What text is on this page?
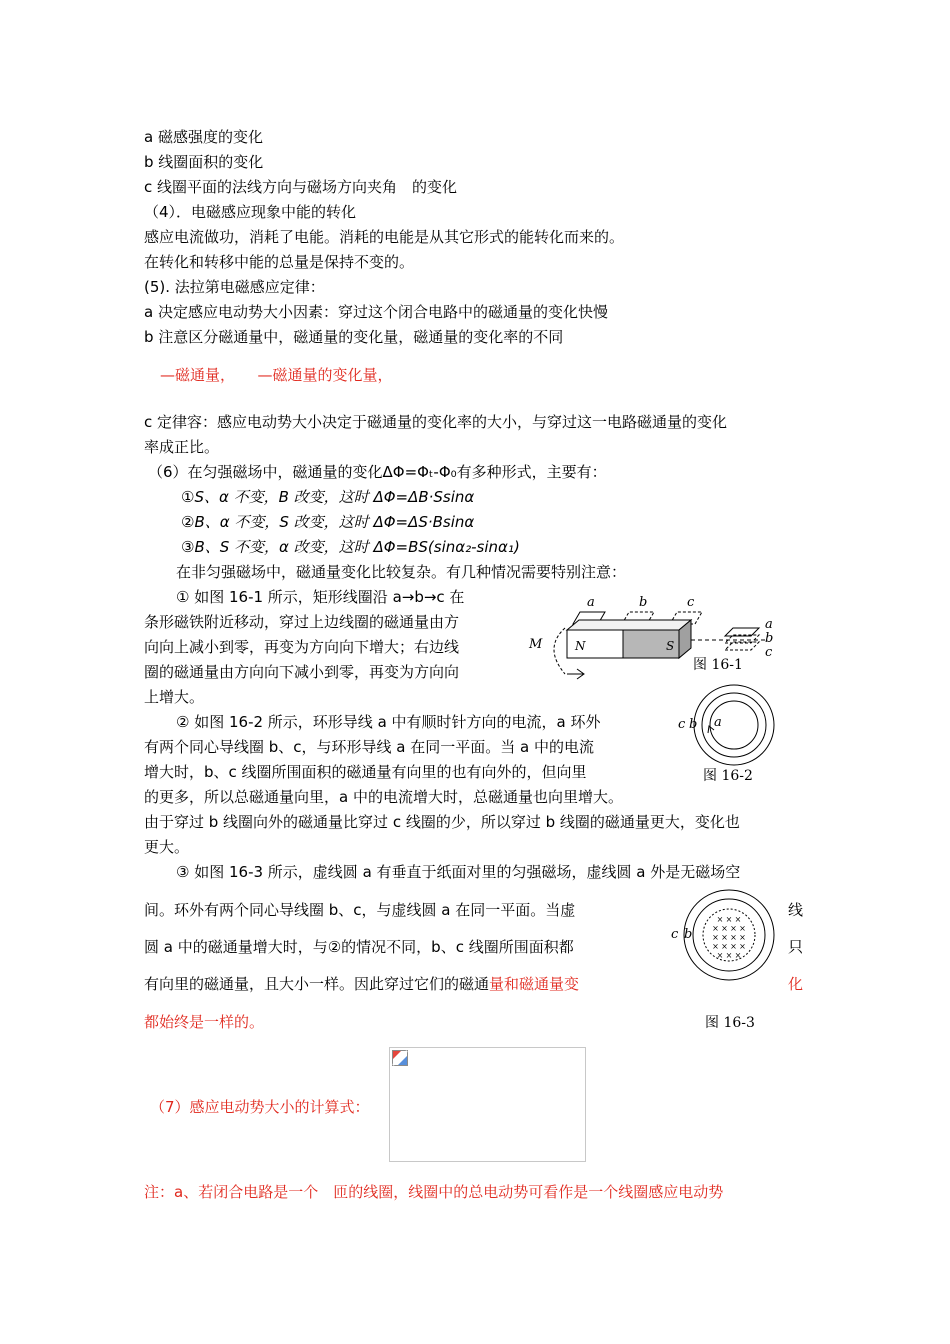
a 磁感强度的变化
b 线圈面积的变化
c 线圈平面的法线方向与磁场方向夹角　的变化
（4）．电磁感应现象中能的转化
感应电流做功，消耗了电能。消耗的电能是从其它形式的能转化而来的。
在转化和转移中能的总量是保持不变的。
(5). 法拉第电磁感应定律：
a 决定感应电动势大小因素：穿过这个闭合电路中的磁通量的变化快慢
b 注意区分磁通量中，磁通量的变化量，磁通量的变化率的不同
—磁通量，　　—磁通量的变化量，
c 定律容：感应电动势大小决定于磁通量的变化率的大小，与穿过这一电路磁通量的变化
率成正比。
（6）在匀强磁场中，磁通量的变化ΔΦ=Φₜ-Φ₀有多种形式，主要有：
①S、α 不变，B 改变，这时 ΔΦ=ΔB·Ssinα
②B、α 不变，S 改变，这时 ΔΦ=ΔS·Bsinα
③B、S 不变，α 改变，这时 ΔΦ=BS(sinα₂-sinα₁)
在非匀强磁场中，磁通量变化比较复杂。有几种情况需要特别注意：
① 如图 16-1 所示，矩形线圈沿 a→b→c 在
条形磁铁附近移动，穿过上边线圈的磁通量由方
向向上减小到零，再变为方向向下增大；右边线
圈的磁通量由方向向下减小到零，再变为方向向
上增大。
② 如图 16-2 所示，环形导线 a 中有顺时针方向的电流，a 环外
有两个同心导线圈 b、c，与环形导线 a 在同一平面。当 a 中的电流
增大时，b、c 线圈所围面积的磁通量有向里的也有向外的，但向里
的更多，所以总磁通量向里，a 中的电流增大时，总磁通量也向里增大。
由于穿过 b 线圈向外的磁通量比穿过 c 线圈的少，所以穿过 b 线圈的磁通量更大，变化也
更大。
③ 如图 16-3 所示，虚线圆 a 有垂直于纸面对里的匀强磁场，虚线圆 a 外是无磁场空
间。环外有两个同心导线圈 b、c，与虚线圆 a 在同一平面。当虚	线
圆 a 中的磁通量增大时，与②的情况不同，b、c 线圈所围面积都	只
有向里的磁通量，且大小一样。因此穿过它们的磁通量和磁通量变	化
都始终是一样的。
（7）感应电动势大小的计算式：
注：a、若闭合电路是一个　匝的线圈，线圈中的总电动势可看作是一个线圈感应电动势
a	b	c
N	S
M
a
b
c
图 16-1
c b a
图 16-2
× × ×
× × × ×
× × × ×
× × × ×
× × ×
c b
图 16-3
